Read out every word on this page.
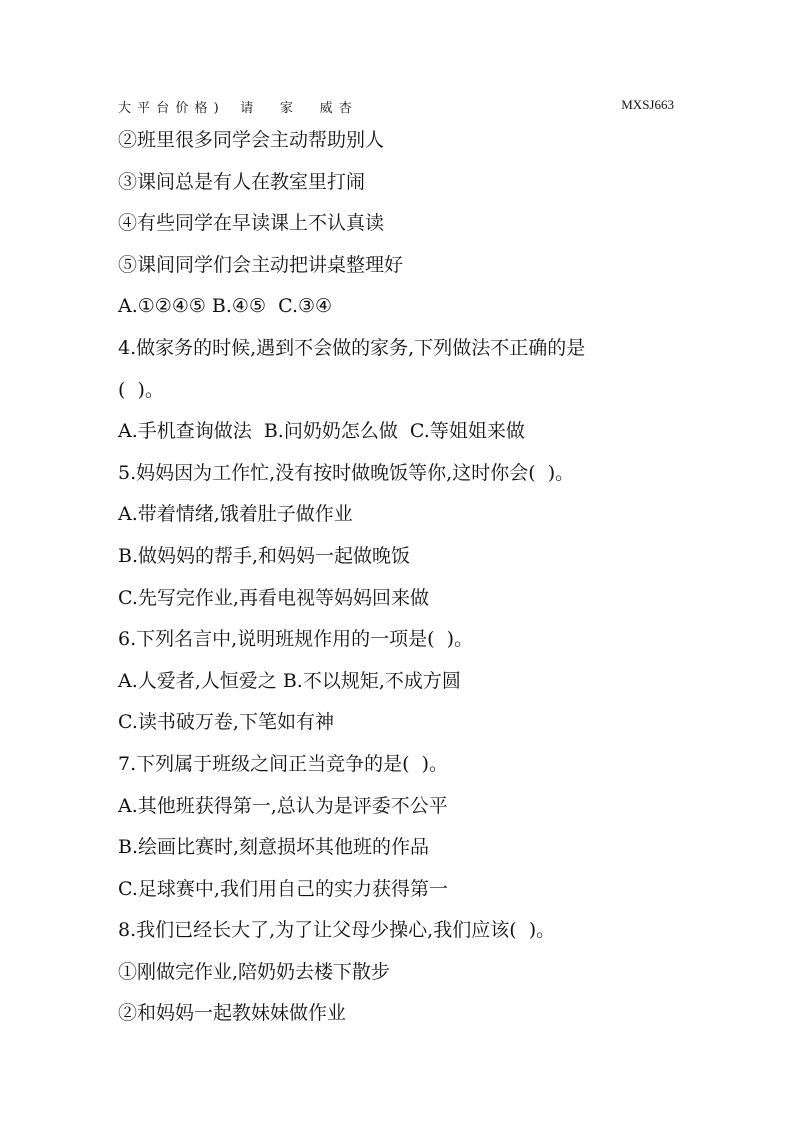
大 平 台 价 格 )    请     家     威 杏	MXSJ663
②班里很多同学会主动帮助别人
③课间总是有人在教室里打闹
④有些同学在早读课上不认真读
⑤课间同学们会主动把讲桌整理好
A.①②④⑤ B.④⑤  C.③④
4.做家务的时候,遇到不会做的家务,下列做法不正确的是
(  )。
A.手机查询做法  B.问奶奶怎么做  C.等姐姐来做
5.妈妈因为工作忙,没有按时做晚饭等你,这时你会(  )。
A.带着情绪,饿着肚子做作业
B.做妈妈的帮手,和妈妈一起做晚饭
C.先写完作业,再看电视等妈妈回来做
6.下列名言中,说明班规作用的一项是(  )。
A.人爱者,人恒爱之 B.不以规矩,不成方圆
C.读书破万卷,下笔如有神
7.下列属于班级之间正当竞争的是(  )。
A.其他班获得第一,总认为是评委不公平
B.绘画比赛时,刻意损坏其他班的作品
C.足球赛中,我们用自己的实力获得第一
8.我们已经长大了,为了让父母少操心,我们应该(  )。
①刚做完作业,陪奶奶去楼下散步
②和妈妈一起教妹妹做作业
